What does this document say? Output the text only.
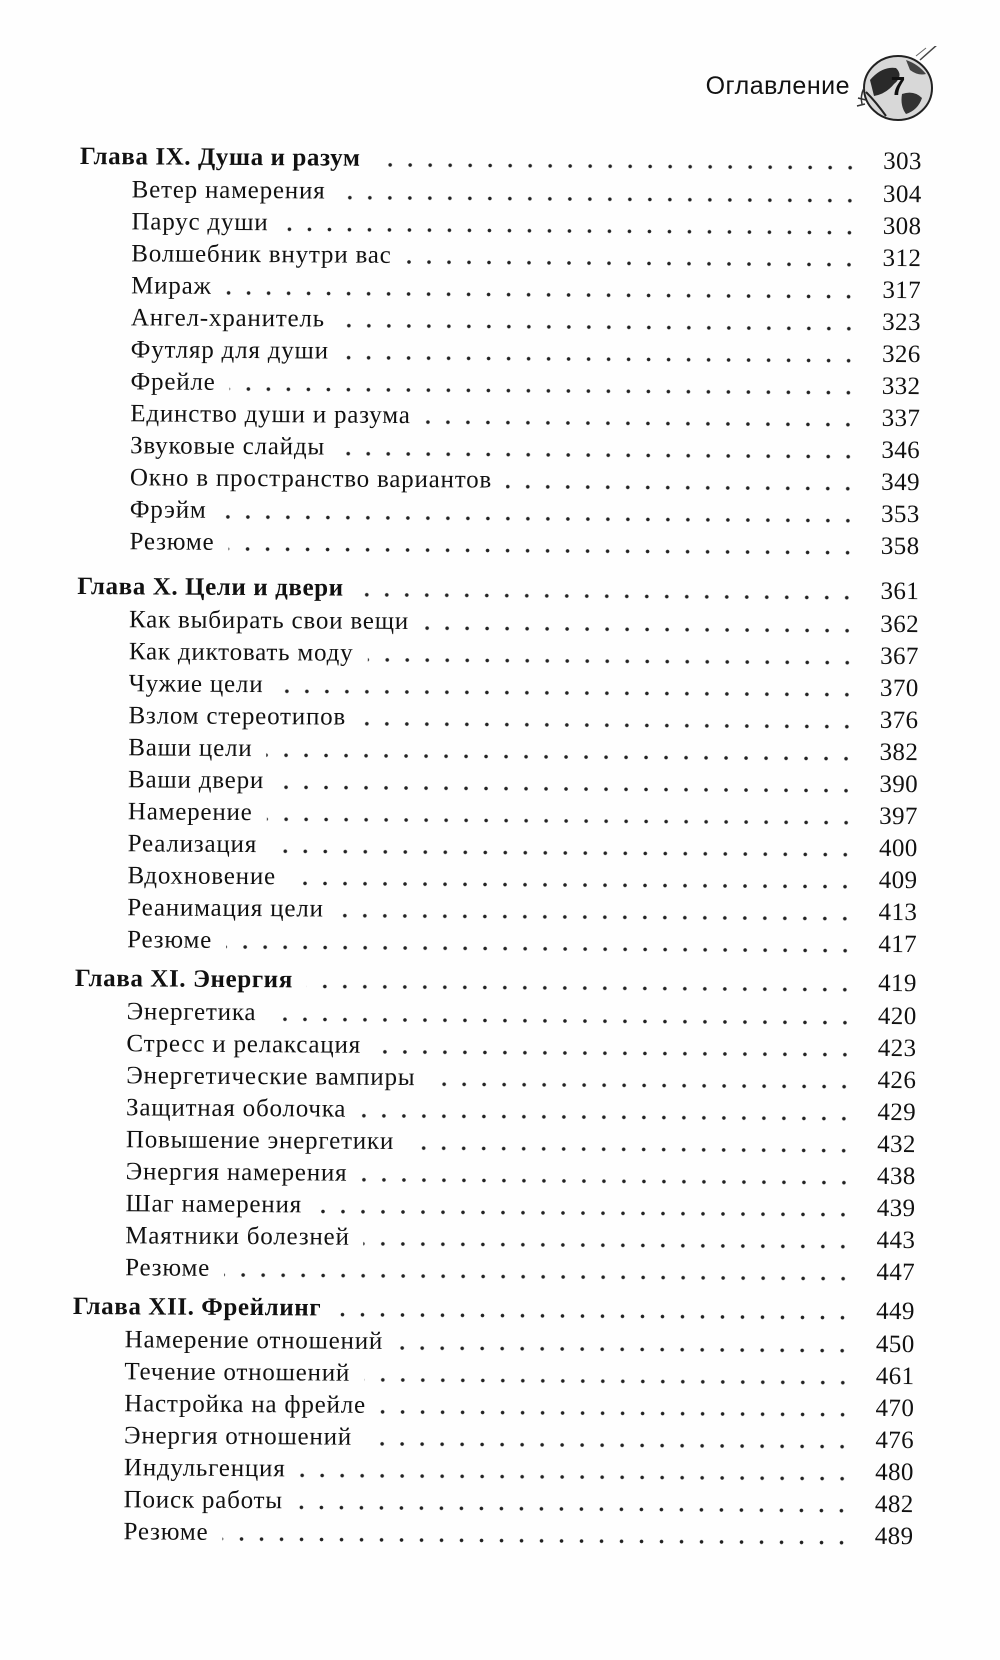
Оглавление	7
Глава IX. Душа и разум	303
Ветер намерения	304
Парус души	308
Волшебник внутри вас	312
Мираж	317
Ангел-хранитель	323
Футляр для души	326
Фрейле	332
Единство души и разума	337
Звуковые слайды	346
Окно в пространство вариантов	349
Фрэйм	353
Резюме	358
Глава X. Цели и двери	361
Как выбирать свои вещи	362
Как диктовать моду	367
Чужие цели	370
Взлом стереотипов	376
Ваши цели	382
Ваши двери	390
Намерение	397
Реализация	400
Вдохновение	409
Реанимация цели	413
Резюме	417
Глава XI. Энергия	419
Энергетика	420
Стресс и релаксация	423
Энергетические вампиры	426
Защитная оболочка	429
Повышение энергетики	432
Энергия намерения	438
Шаг намерения	439
Маятники болезней	443
Резюме	447
Глава XII. Фрейлинг	449
Намерение отношений	450
Течение отношений	461
Настройка на фрейле	470
Энергия отношений	476
Индульгенция	480
Поиск работы	482
Резюме	489
